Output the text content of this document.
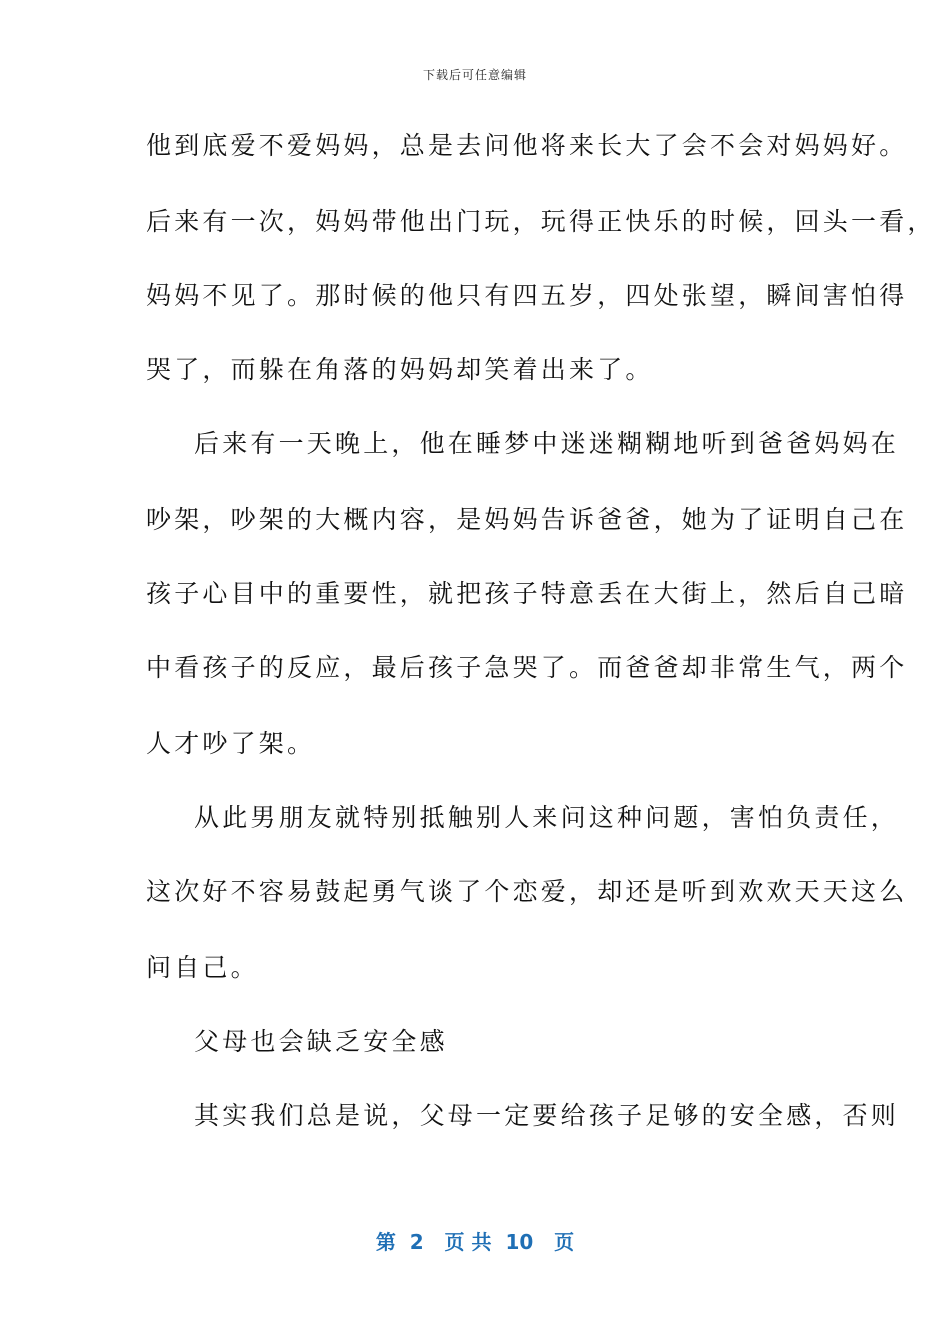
下载后可任意编辑
他到底爱不爱妈妈，总是去问他将来长大了会不会对妈妈好。
后来有一次，妈妈带他出门玩，玩得正快乐的时候，回头一看，
妈妈不见了。那时候的他只有四五岁，四处张望，瞬间害怕得
哭了，而躲在角落的妈妈却笑着出来了。
后来有一天晚上，他在睡梦中迷迷糊糊地听到爸爸妈妈在
吵架，吵架的大概内容，是妈妈告诉爸爸，她为了证明自己在
孩子心目中的重要性，就把孩子特意丢在大街上，然后自己暗
中看孩子的反应，最后孩子急哭了。而爸爸却非常生气，两个
人才吵了架。
从此男朋友就特别抵触别人来问这种问题，害怕负责任，
这次好不容易鼓起勇气谈了个恋爱，却还是听到欢欢天天这么
问自己。
父母也会缺乏安全感
其实我们总是说，父母一定要给孩子足够的安全感，否则
第  2   页 共  10   页
